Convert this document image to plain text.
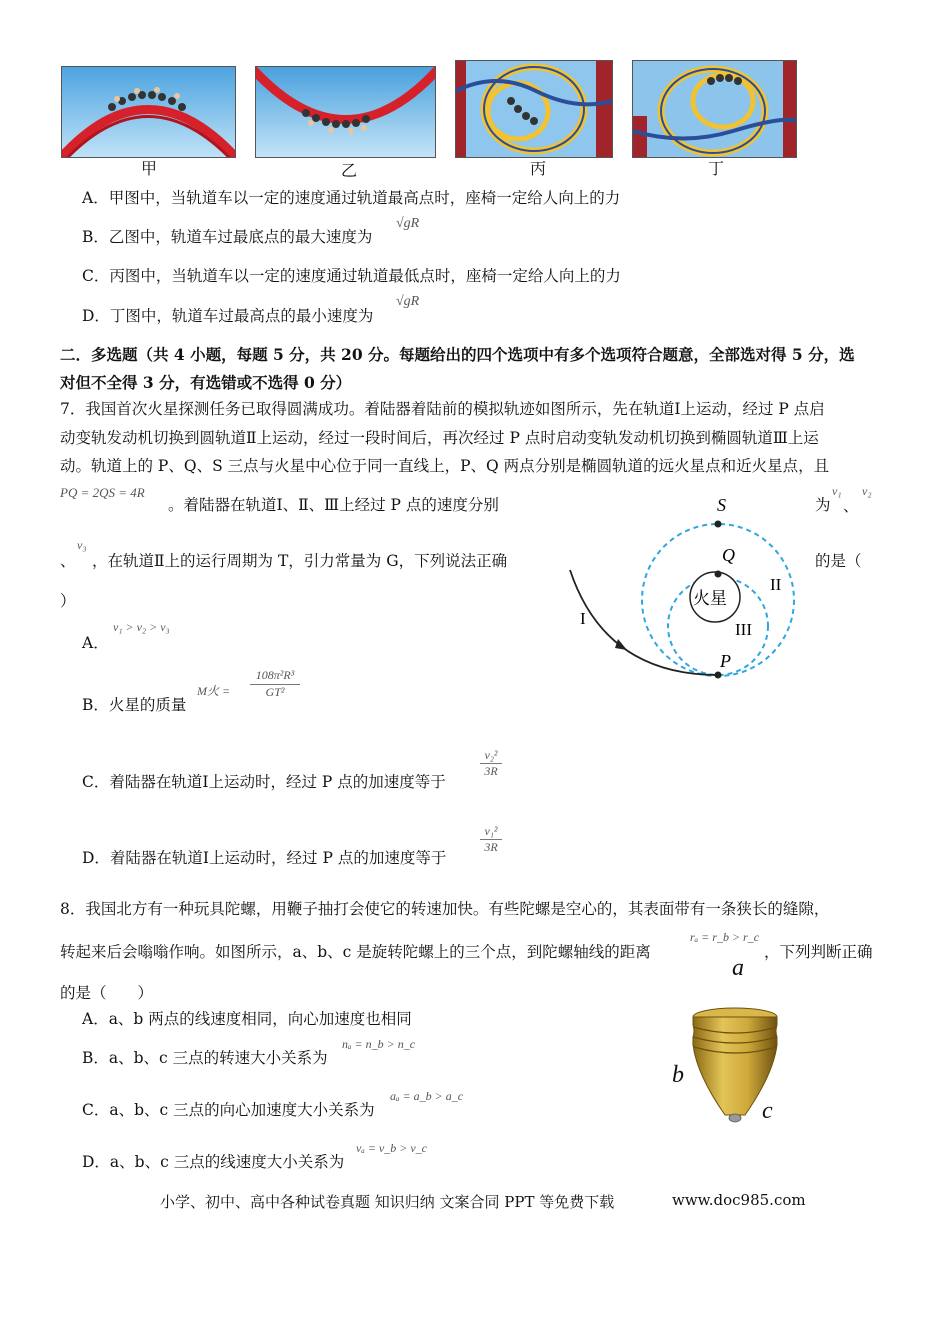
甲	乙	丙	丁
A．甲图中，当轨道车以一定的速度通过轨道最高点时，座椅一定给人向上的力
B．乙图中，轨道车过最底点的最大速度为
√gR
C．丙图中，当轨道车以一定的速度通过轨道最低点时，座椅一定给人向上的力
D．丁图中，轨道车过最高点的最小速度为
√gR
二．多选题（共 4 小题，每题 5 分，共 20 分。每题给出的四个选项中有多个选项符合题意，全部选对得 5 分，选
对但不全得 3 分，有选错或不选得 0 分）
7．我国首次火星探测任务已取得圆满成功。着陆器着陆前的模拟轨迹如图所示，先在轨道Ⅰ上运动，经过 P 点启
动变轨发动机切换到圆轨道Ⅱ上运动，经过一段时间后，再次经过 P 点时启动变轨发动机切换到椭圆轨道Ⅲ上运
动。轨道上的 P、Q、S 三点与火星中心位于同一直线上，P、Q 两点分别是椭圆轨道的远火星点和近火星点，且
PQ = 2QS = 4R
。着陆器在轨道Ⅰ、Ⅱ、Ⅲ上经过 P 点的速度分别	为
v₁
、
v₂
、
v₃
，在轨道Ⅱ上的运行周期为 T，引力常量为 G，下列说法正确	的是（
）
S
Q
P
火星
I
II
III
A．
v₁ > v₂ > v₃
B．火星的质量
M火 = $\frac{\text{108π²R³}}{\text{GT²}}$
C．着陆器在轨道Ⅰ上运动时，经过 P 点的加速度等于
$\frac{\text{v₂²}}{3R}$
D．着陆器在轨道Ⅰ上运动时，经过 P 点的加速度等于
$\frac{\text{v₁²}}{3R}$
8．我国北方有一种玩具陀螺，用鞭子抽打会使它的转速加快。有些陀螺是空心的，其表面带有一条狭长的缝隙，
转起来后会嗡嗡作响。如图所示，a、b、c 是旋转陀螺上的三个点，到陀螺轴线的距离
rₐ = r_b > r_c
，下列判断正确
的是（　　）
A．a、b 两点的线速度相同，向心加速度也相同
B．a、b、c 三点的转速大小关系为
nₐ = n_b > n_c
C．a、b、c 三点的向心加速度大小关系为
aₐ = a_b > a_c
D．a、b、c 三点的线速度大小关系为
vₐ = v_b > v_c
a
b
c
小学、初中、高中各种试卷真题 知识归纳 文案合同 PPT 等免费下载	www.doc985.com
